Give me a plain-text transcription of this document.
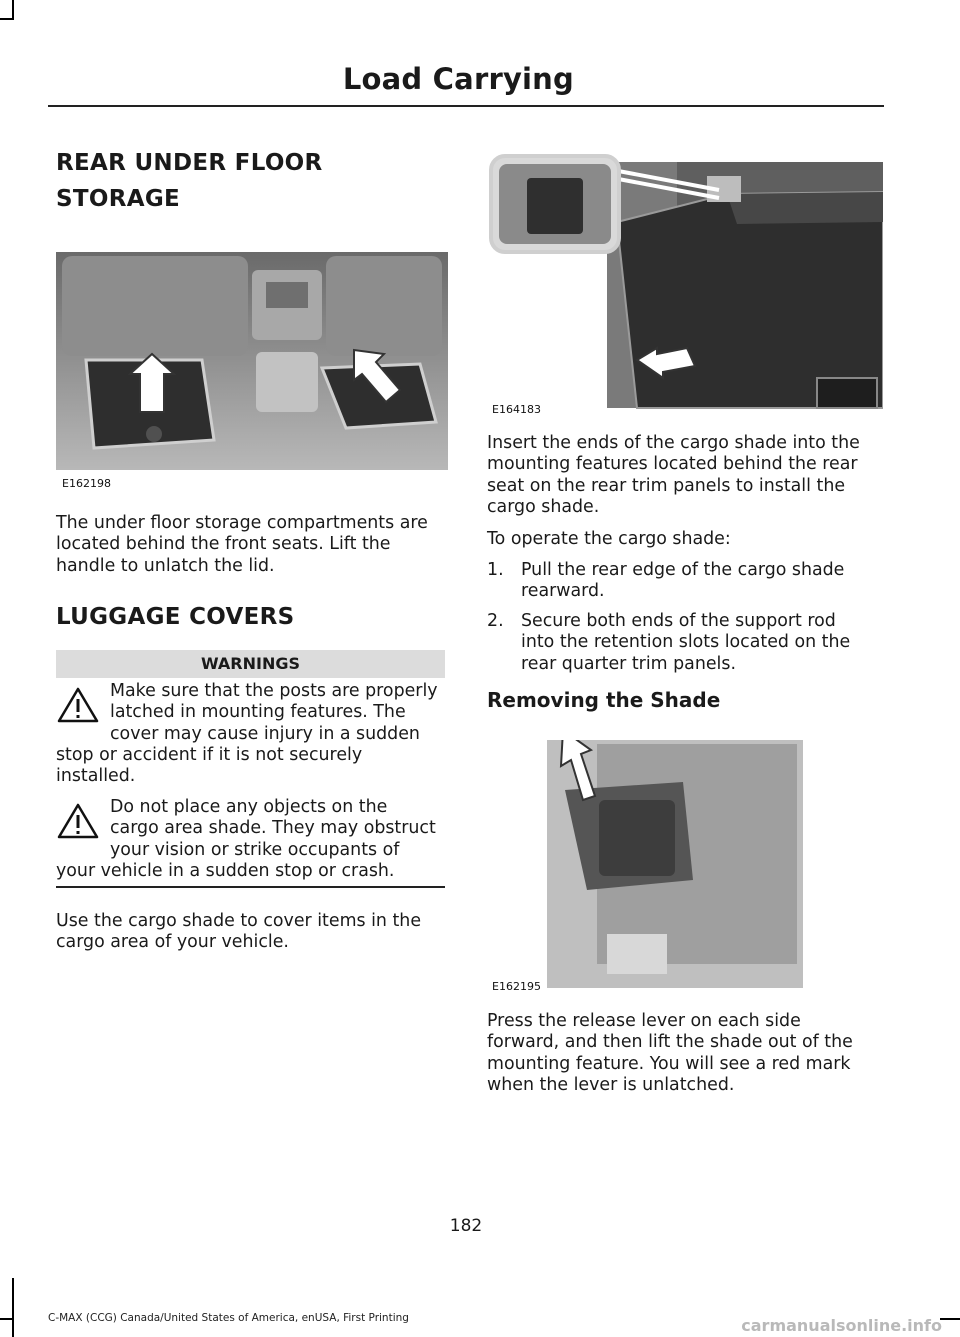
Load Carrying
REAR UNDER FLOOR
STORAGE
E162198
The under floor storage compartments are
located behind the front seats. Lift the
handle to unlatch the lid.
LUGGAGE COVERS
WARNINGS
Make sure that the posts are properly
latched in mounting features. The
cover may cause injury in a sudden
stop or accident if it is not securely
installed.
Do not place any objects on the
cargo area shade. They may obstruct
your vision or strike occupants of
your vehicle in a sudden stop or crash.
Use the cargo shade to cover items in the
cargo area of your vehicle.
E164183
Insert the ends of the cargo shade into the
mounting features located behind the rear
seat on the rear trim panels to install the
cargo shade.
To operate the cargo shade:
1. Pull the rear edge of the cargo shade
rearward.
2. Secure both ends of the support rod
into the retention slots located on the
rear quarter trim panels.
Removing the Shade
E162195
Press the release lever on each side
forward, and then lift the shade out of the
mounting feature. You will see a red mark
when the lever is unlatched.
182
C-MAX (CCG) Canada/United States of America, enUSA, First Printing	carmanualsonline.info
